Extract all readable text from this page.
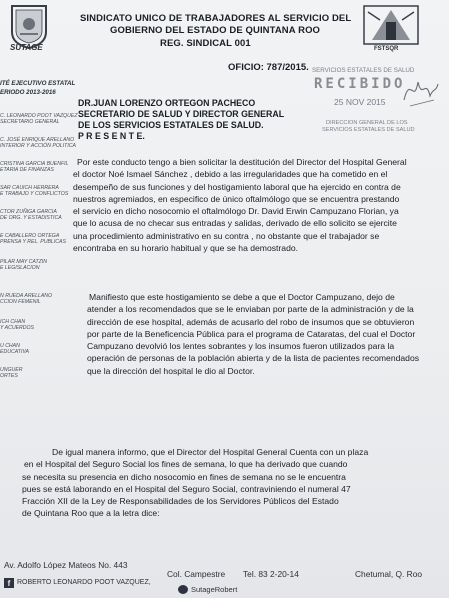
SUTAGE	FSTSQR
SINDICATO UNICO DE TRABAJADORES AL SERVICIO DEL
GOBIERNO DEL ESTADO DE QUINTANA ROO
REG. SINDICAL 001
OFICIO: 787/2015. SERVICIOS ESTATALES DE SALUD
RECIBIDO
25 NOV 2015
DIRECCION GENERAL DE LOS
SERVICIOS ESTATALES DE SALUD
DR.JUAN LORENZO ORTEGON PACHECO
SECRETARIO DE SALUD Y DIRECTOR GENERAL
DE LOS SERVICIOS ESTATALES DE SALUD.
P R E S E N T E.
ITÉ EJECUTIVO ESTATAL
ERIODO 2013-2016
C. LEONARDO POOT VAZQUEZ
SECRETARIO GENERAL
C. JOSÉ ENRIQUE ARELLANO
INTERIOR Y ACCIÓN POLITICA
CRISTINA GARCIA BUENFIL
ETARIA DE FINANZAS
SAR CAUICH HERRERA
E TRABAJO Y CONFLICTOS
CTOR ZUÑIGA GARCIA
DE ORG. Y ESTADISTICA
E CABALLERO ORTEGA
PRENSA Y REL. PUBLICAS
PILAR MAY CATZIN
E LEGISLACION
N RUEDA ARELLANO
CCION FEMENIL
ICH CHAN
Y ACUERDOS
U CHAN
EDUCATIVA
UNGUER
ORTES
Por este conducto tengo a bien solicitar la destitución del Director del Hospital General
el doctor Noé Ismael Sánchez , debido a las irregularidades que ha cometido en el
desempeño de sus funciones y del hostigamiento laboral que ha ejercido en contra de
nuestros agremiados, en especifico de único oftalmólogo que se encuentra prestando
el servicio en dicho nosocomio el oftalmólogo Dr. David Erwin Campuzano Florian, ya
que lo acusa de no checar sus entradas y salidas, derivado de ello solicito se ejercite
una procedimiento administrativo en su contra , no obstante que el trabajador se
encontraba en su horario habitual y que se ha demostrado.
Manifiesto que este hostigamiento se debe a que el Doctor Campuzano, dejo de
atender a los recomendados que se le enviaban por parte de la administración y de la
dirección de ese hospital, además de acusarlo del robo de insumos que se obtuvieron
por parte de la Beneficencia Pública para el programa de Cataratas, del cual el Doctor
Campuzano devolvió los lentes sobrantes y los insumos fueron utilizados para la
operación de personas de la población abierta y de la lista de pacientes recomendados
que la dirección del hospital le dio al Doctor.
De igual manera informo, que el Director del Hospital General Cuenta con un plaza
en el Hospital del Seguro Social los fines de semana, lo que ha derivado que cuando
se necesita su presencia en dicho nosocomio en fines de semana no se le encuentra
pues se está laborando en el Hospital del Seguro Social, contraviniendo el numeral 47
Fracción XII de la Ley de Responsabilidades de los Servidores Públicos del Estado
de Quintana Roo que a la letra dice:
Av. Adolfo López Mateos No. 443
Col. Campestre Tel. 83 2-20-14	Chetumal, Q. Roo
f ROBERTO LEONARDO POOT VAZQUEZ,
SutageRobert
